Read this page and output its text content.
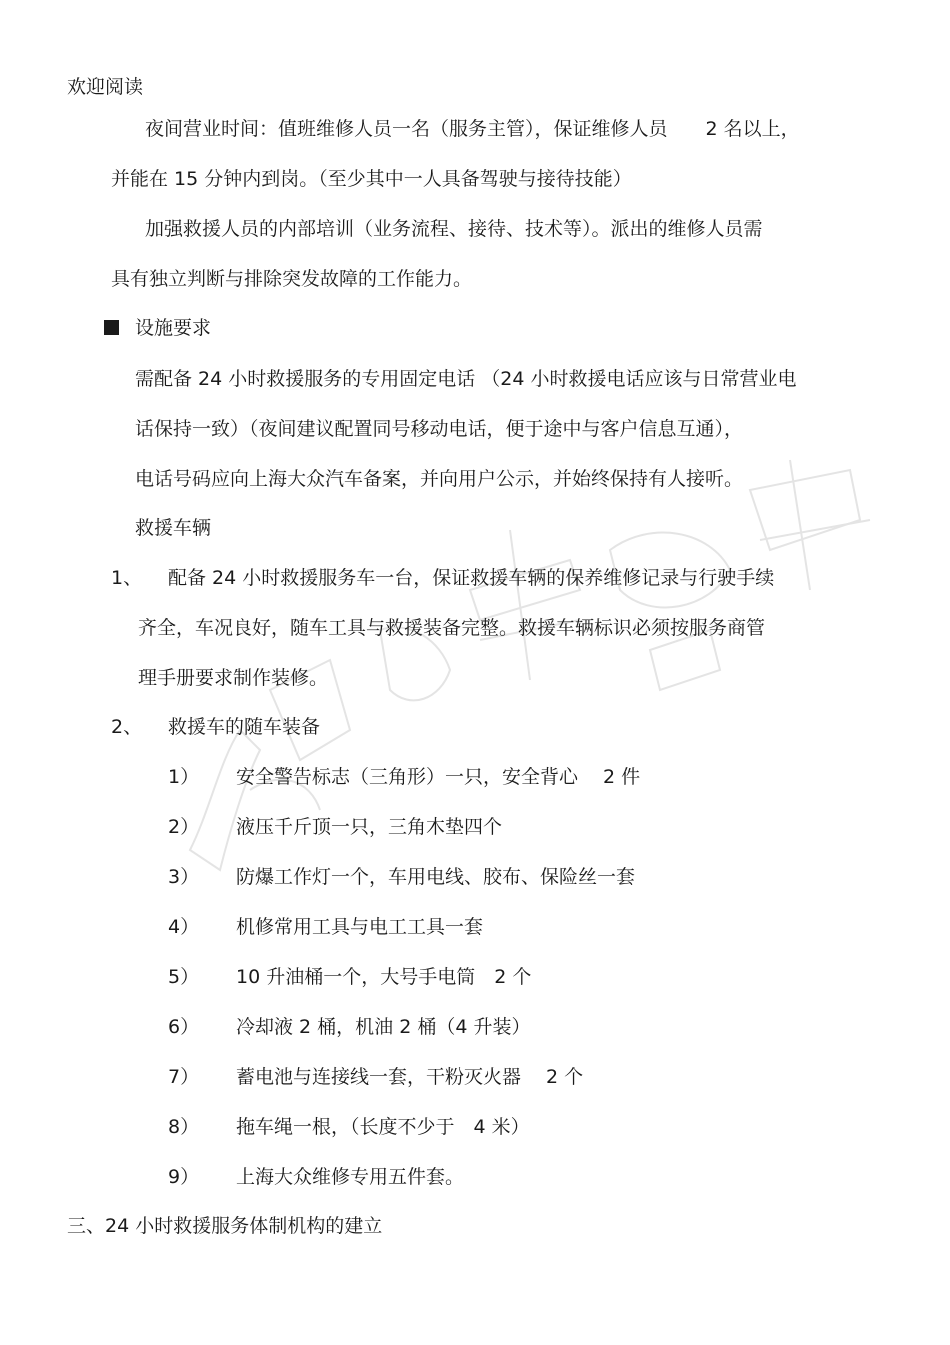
欢迎阅读
夜间营业时间：值班维修人员一名（服务主管），保证维修人员　　2 名以上，
并能在 15 分钟内到岗。（至少其中一人具备驾驶与接待技能）
加强救援人员的内部培训（业务流程、接待、技术等）。派出的维修人员需
具有独立判断与排除突发故障的工作能力。
设施要求
需配备 24 小时救援服务的专用固定电话 （24 小时救援电话应该与日常营业电
话保持一致）（夜间建议配置同号移动电话，便于途中与客户信息互通），
电话号码应向上海大众汽车备案，并向用户公示，并始终保持有人接听。
救援车辆
1、 配备 24 小时救援服务车一台，保证救援车辆的保养维修记录与行驶手续
齐全，车况良好，随车工具与救援装备完整。救援车辆标识必须按服务商管
理手册要求制作装修。
2、 救援车的随车装备
1） 安全警告标志（三角形）一只，安全背心　 2 件
2） 液压千斤顶一只，三角木垫四个
3） 防爆工作灯一个，车用电线、胶布、保险丝一套
4） 机修常用工具与电工工具一套
5） 10 升油桶一个，大号手电筒　2 个
6） 冷却液 2 桶，机油 2 桶（4 升装）
7） 蓄电池与连接线一套，干粉灭火器　 2 个
8） 拖车绳一根，（长度不少于　4 米）
9） 上海大众维修专用五件套。
三、24 小时救援服务体制机构的建立
